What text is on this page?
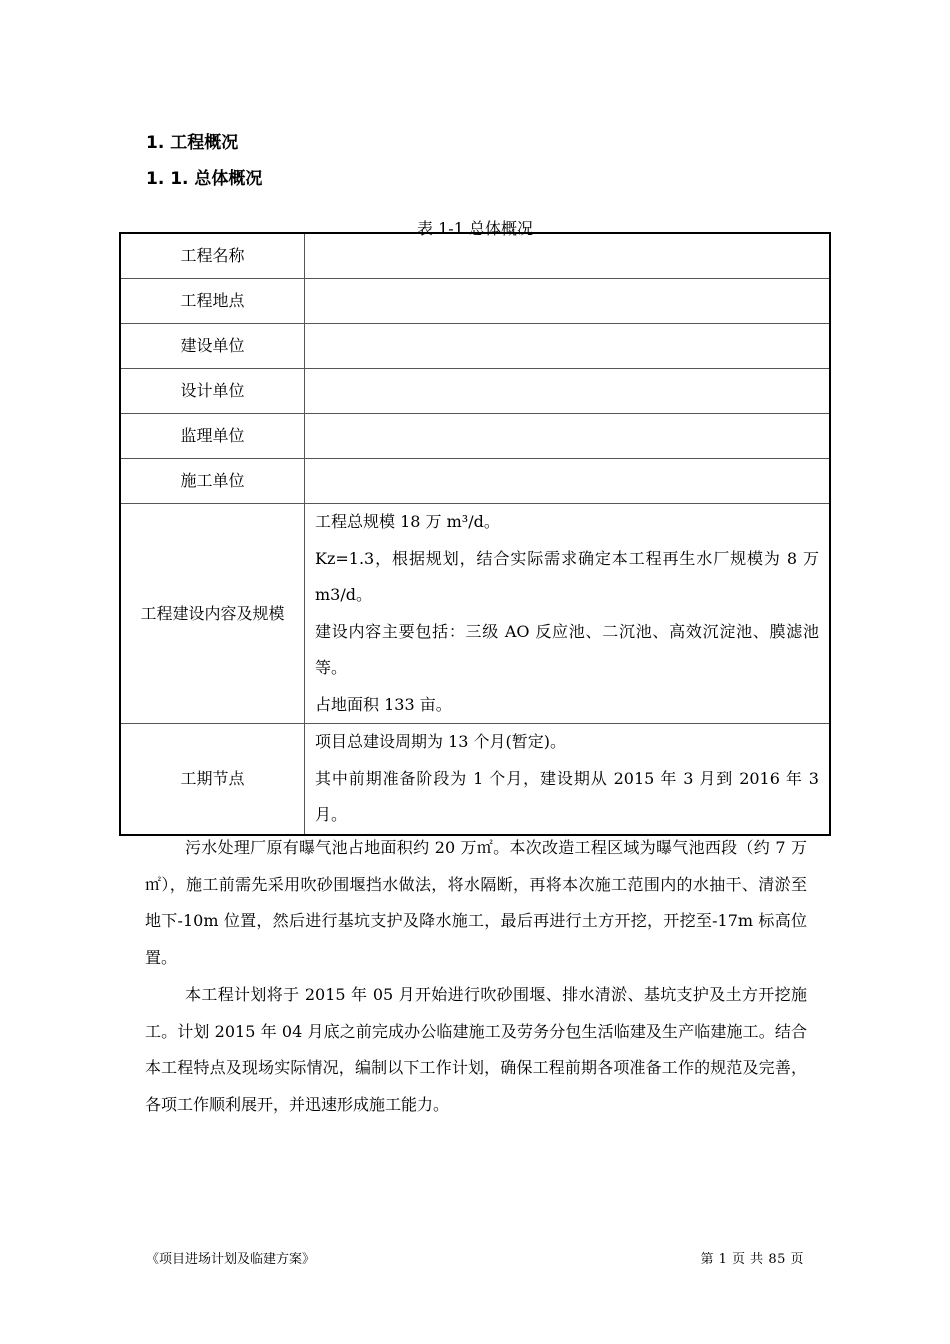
1. 工程概况

1. 1. 总体概况

表 1-1 总体概况

工程名称	
工程地点	
建设单位	
设计单位	
监理单位	
施工单位	
工程建设内容及规模	工程总规模 18 万 m³/d。

Kz=1.3，根据规划，结合实际需求确定本工程再生水厂规模为 8 万 m3/d。

建设内容主要包括：三级 AO 反应池、二沉池、高效沉淀池、膜滤池等。

占地面积 133 亩。

工期节点	项目总建设周期为 13 个月(暂定)。

其中前期准备阶段为 1 个月，建设期从 2015 年 3 月到 2016 年 3 月。

污水处理厂原有曝气池占地面积约 20 万㎡。本次改造工程区域为曝气池西段（约 7 万㎡），施工前需先采用吹砂围堰挡水做法，将水隔断，再将本次施工范围内的水抽干、清淤至地下-10m 位置，然后进行基坑支护及降水施工，最后再进行土方开挖，开挖至-17m 标高位置。

本工程计划将于 2015 年 05 月开始进行吹砂围堰、排水清淤、基坑支护及土方开挖施工。计划 2015 年 04 月底之前完成办公临建施工及劳务分包生活临建及生产临建施工。结合本工程特点及现场实际情况，编制以下工作计划，确保工程前期各项准备工作的规范及完善，各项工作顺利展开，并迅速形成施工能力。

《项目进场计划及临建方案》	第 1 页 共 85 页
